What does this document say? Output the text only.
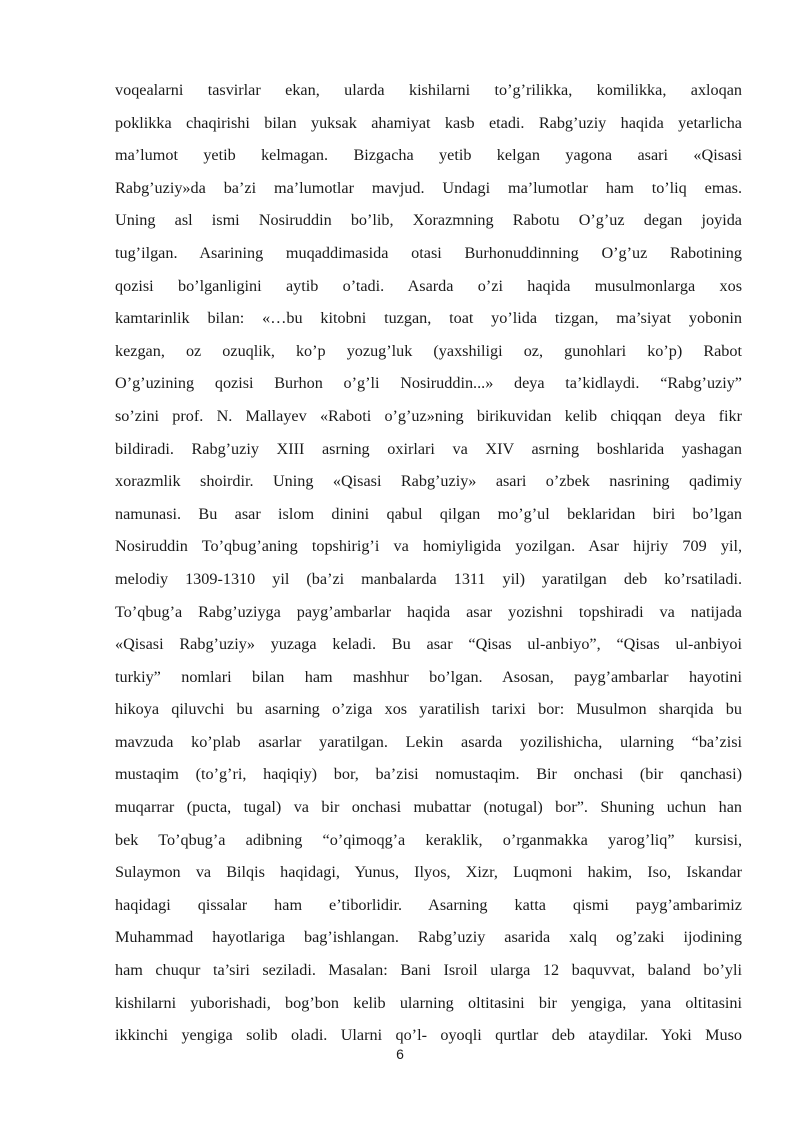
voqealarni tasvirlar ekan, ularda kishilarni to’g’rilikka, komilikka, axloqan
poklikka chaqirishi bilan yuksak ahamiyat kasb etadi. Rabg’uziy haqida yetarlicha
ma’lumot yetib kelmagan. Bizgacha yetib kelgan yagona asari «Qisasi
Rabg’uziy»da ba’zi ma’lumotlar mavjud. Undagi ma’lumotlar ham to’liq emas.
Uning asl ismi Nosiruddin bo’lib, Xorazmning Rabotu O’g’uz degan joyida
tug’ilgan. Asarining muqaddimasida otasi Burhonuddinning O’g’uz Rabotining
qozisi bo’lganligini aytib o’tadi. Asarda o’zi haqida musulmonlarga xos
kamtarinlik bilan: «…bu kitobni tuzgan, toat yo’lida tizgan, ma’siyat yobonin
kezgan, oz ozuqlik, ko’p yozug’luk (yaxshiligi oz, gunohlari ko’p) Rabot
O’g’uzining qozisi Burhon o’g’li Nosiruddin...» deya ta’kidlaydi. “Rabg’uziy”
so’zini prof. N. Mallayev «Raboti o’g’uz»ning birikuvidan kelib chiqqan deya fikr
bildiradi. Rabg’uziy XIII asrning oxirlari va XIV asrning boshlarida yashagan
xorazmlik shoirdir. Uning «Qisasi Rabg’uziy» asari o’zbek nasrining qadimiy
namunasi. Bu asar islom dinini qabul qilgan mo’g’ul beklaridan biri bo’lgan
Nosiruddin To’qbug’aning topshirig’i va homiyligida yozilgan. Asar hijriy 709 yil,
melodiy 1309-1310 yil (ba’zi manbalarda 1311 yil) yaratilgan deb ko’rsatiladi.
To’qbug’a Rabg’uziyga payg’ambarlar haqida asar yozishni topshiradi va natijada
«Qisasi Rabg’uziy» yuzaga keladi. Bu asar “Qisas ul-anbiyo”, “Qisas ul-anbiyoi
turkiy” nomlari bilan ham mashhur bo’lgan. Asosan, payg’ambarlar hayotini
hikoya qiluvchi bu asarning o’ziga xos yaratilish tarixi bor: Musulmon sharqida bu
mavzuda ko’plab asarlar yaratilgan. Lekin asarda yozilishicha, ularning “ba’zisi
mustaqim (to’g’ri, haqiqiy) bor, ba’zisi nomustaqim. Bir onchasi (bir qanchasi)
muqarrar (pucta, tugal) va bir onchasi mubattar (notugal) bor”. Shuning uchun han
bek To’qbug’a adibning “o’qimoqg’a keraklik, o’rganmakka yarog’liq” kursisi,
Sulaymon va Bilqis haqidagi, Yunus, Ilyos, Xizr, Luqmoni hakim, Iso, Iskandar
haqidagi qissalar ham e’tiborlidir. Asarning katta qismi payg’ambarimiz
Muhammad hayotlariga bag’ishlangan. Rabg’uziy asarida xalq og’zaki ijodining
ham chuqur ta’siri seziladi. Masalan: Bani Isroil ularga 12 baquvvat, baland bo’yli
kishilarni yuborishadi, bog’bon kelib ularning oltitasini bir yengiga, yana oltitasini
ikkinchi yengiga solib oladi. Ularni qo’l- oyoqli qurtlar deb ataydilar. Yoki Muso
6
